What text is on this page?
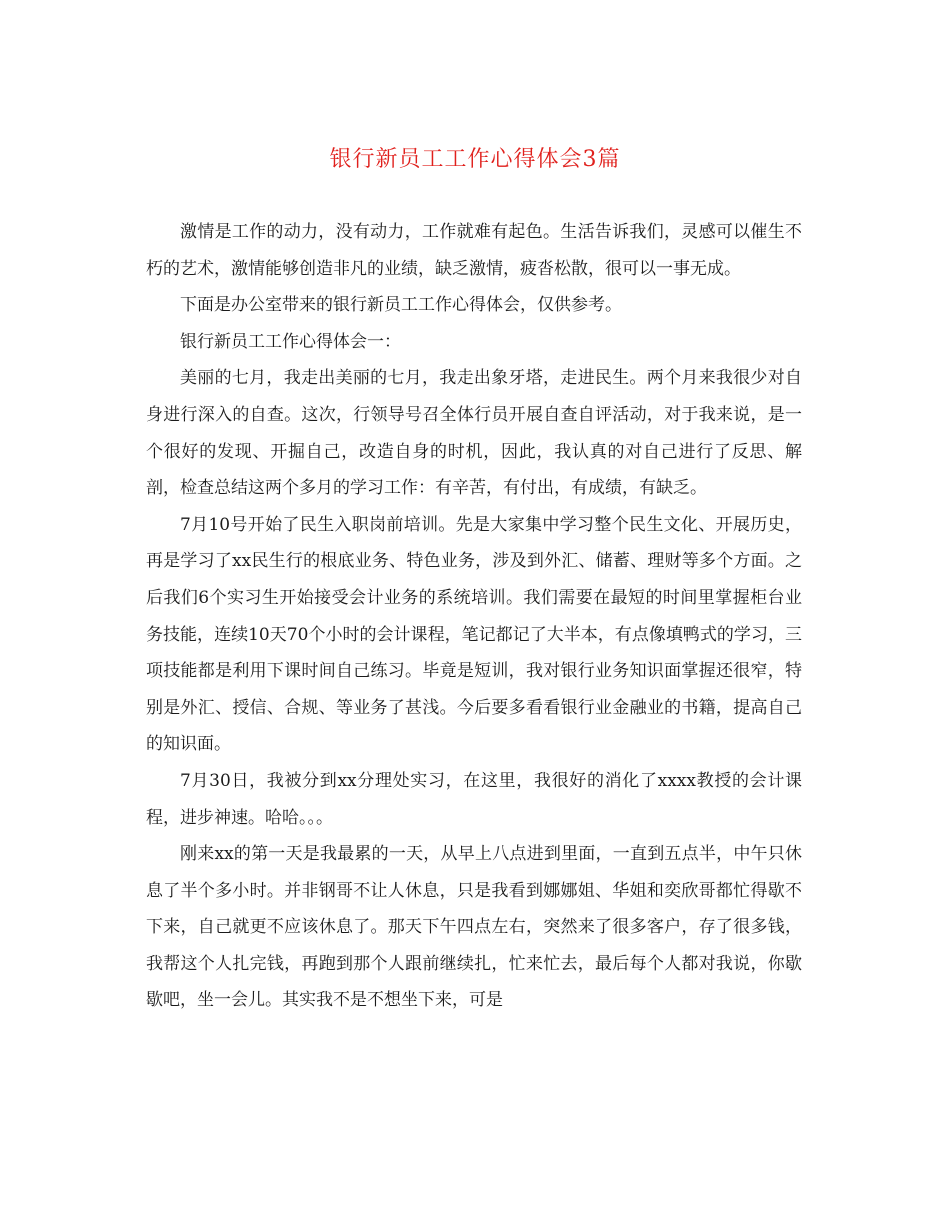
银行新员工工作心得体会3篇

激情是工作的动力，没有动力，工作就难有起色。生活告诉我们，灵感可以催生不朽的艺术，激情能够创造非凡的业绩，缺乏激情，疲沓松散，很可以一事无成。

下面是办公室带来的银行新员工工作心得体会，仅供参考。

银行新员工工作心得体会一：

美丽的七月，我走出美丽的七月，我走出象牙塔，走进民生。两个月来我很少对自身进行深入的自查。这次，行领导号召全体行员开展自查自评活动，对于我来说，是一个很好的发现、开掘自己，改造自身的时机，因此，我认真的对自己进行了反思、解剖，检查总结这两个多月的学习工作：有辛苦，有付出，有成绩，有缺乏。

7月10号开始了民生入职岗前培训。先是大家集中学习整个民生文化、开展历史，再是学习了xx民生行的根底业务、特色业务，涉及到外汇、储蓄、理财等多个方面。之后我们6个实习生开始接受会计业务的系统培训。我们需要在最短的时间里掌握柜台业务技能，连续10天70个小时的会计课程，笔记都记了大半本，有点像填鸭式的学习，三项技能都是利用下课时间自己练习。毕竟是短训，我对银行业务知识面掌握还很窄，特别是外汇、授信、合规、等业务了甚浅。今后要多看看银行业金融业的书籍，提高自己的知识面。

7月30日，我被分到xx分理处实习，在这里，我很好的消化了xxxx教授的会计课程，进步神速。哈哈。。。

刚来xx的第一天是我最累的一天，从早上八点进到里面，一直到五点半，中午只休息了半个多小时。并非钢哥不让人休息，只是我看到娜娜姐、华姐和奕欣哥都忙得歇不下来，自己就更不应该休息了。那天下午四点左右，突然来了很多客户，存了很多钱，我帮这个人扎完钱，再跑到那个人跟前继续扎，忙来忙去，最后每个人都对我说，你歇歇吧，坐一会儿。其实我不是不想坐下来，可是
